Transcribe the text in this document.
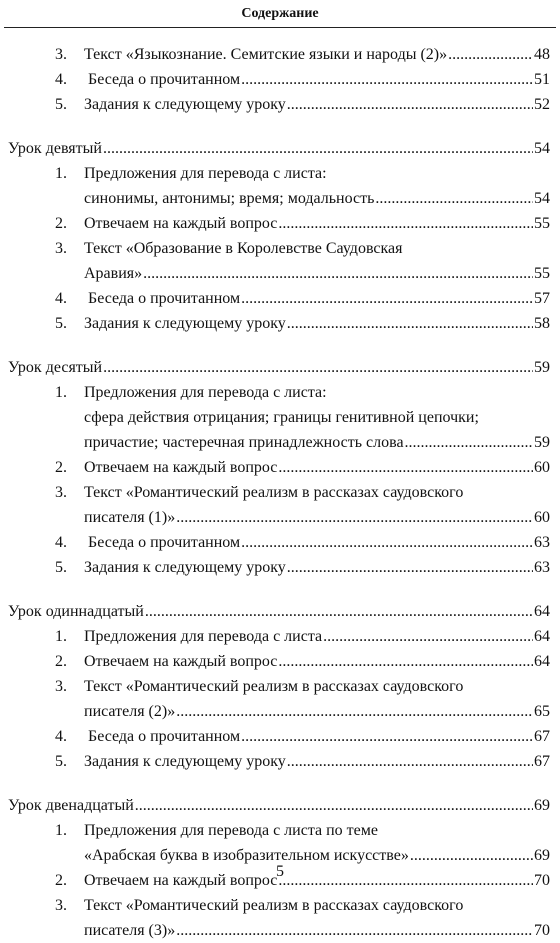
Содержание
3. Текст «Языкознание. Семитские языки и народы (2)» .....	48
4. Беседа о прочитанном .....	51
5. Задания к следующему уроку .....	52
Урок девятый .....	54
1. Предложения для перевода с листа:
синонимы, антонимы; время; модальность .....	54
2. Отвечаем на каждый вопрос .....	55
3. Текст «Образование в Королевстве Саудовская
Аравия» .....	55
4. Беседа о прочитанном .....	57
5. Задания к следующему уроку .....	58
Урок десятый .....	59
1. Предложения для перевода с листа:
сфера действия отрицания; границы генитивной цепочки;
причастие; частеречная принадлежность слова .....	59
2. Отвечаем на каждый вопрос .....	60
3. Текст «Романтический реализм в рассказах саудовского
писателя (1)» .....	60
4. Беседа о прочитанном .....	63
5. Задания к следующему уроку .....	63
Урок одиннадцатый .....	64
1. Предложения для перевода с листа .....	64
2. Отвечаем на каждый вопрос .....	64
3. Текст «Романтический реализм в рассказах саудовского
писателя (2)» .....	65
4. Беседа о прочитанном .....	67
5. Задания к следующему уроку .....	67
Урок двенадцатый .....	69
1. Предложения для перевода с листа по теме
«Арабская буква в изобразительном искусстве» .....	69
2. Отвечаем на каждый вопрос .....	70
3. Текст «Романтический реализм в рассказах саудовского
писателя (3)» .....	70
5
